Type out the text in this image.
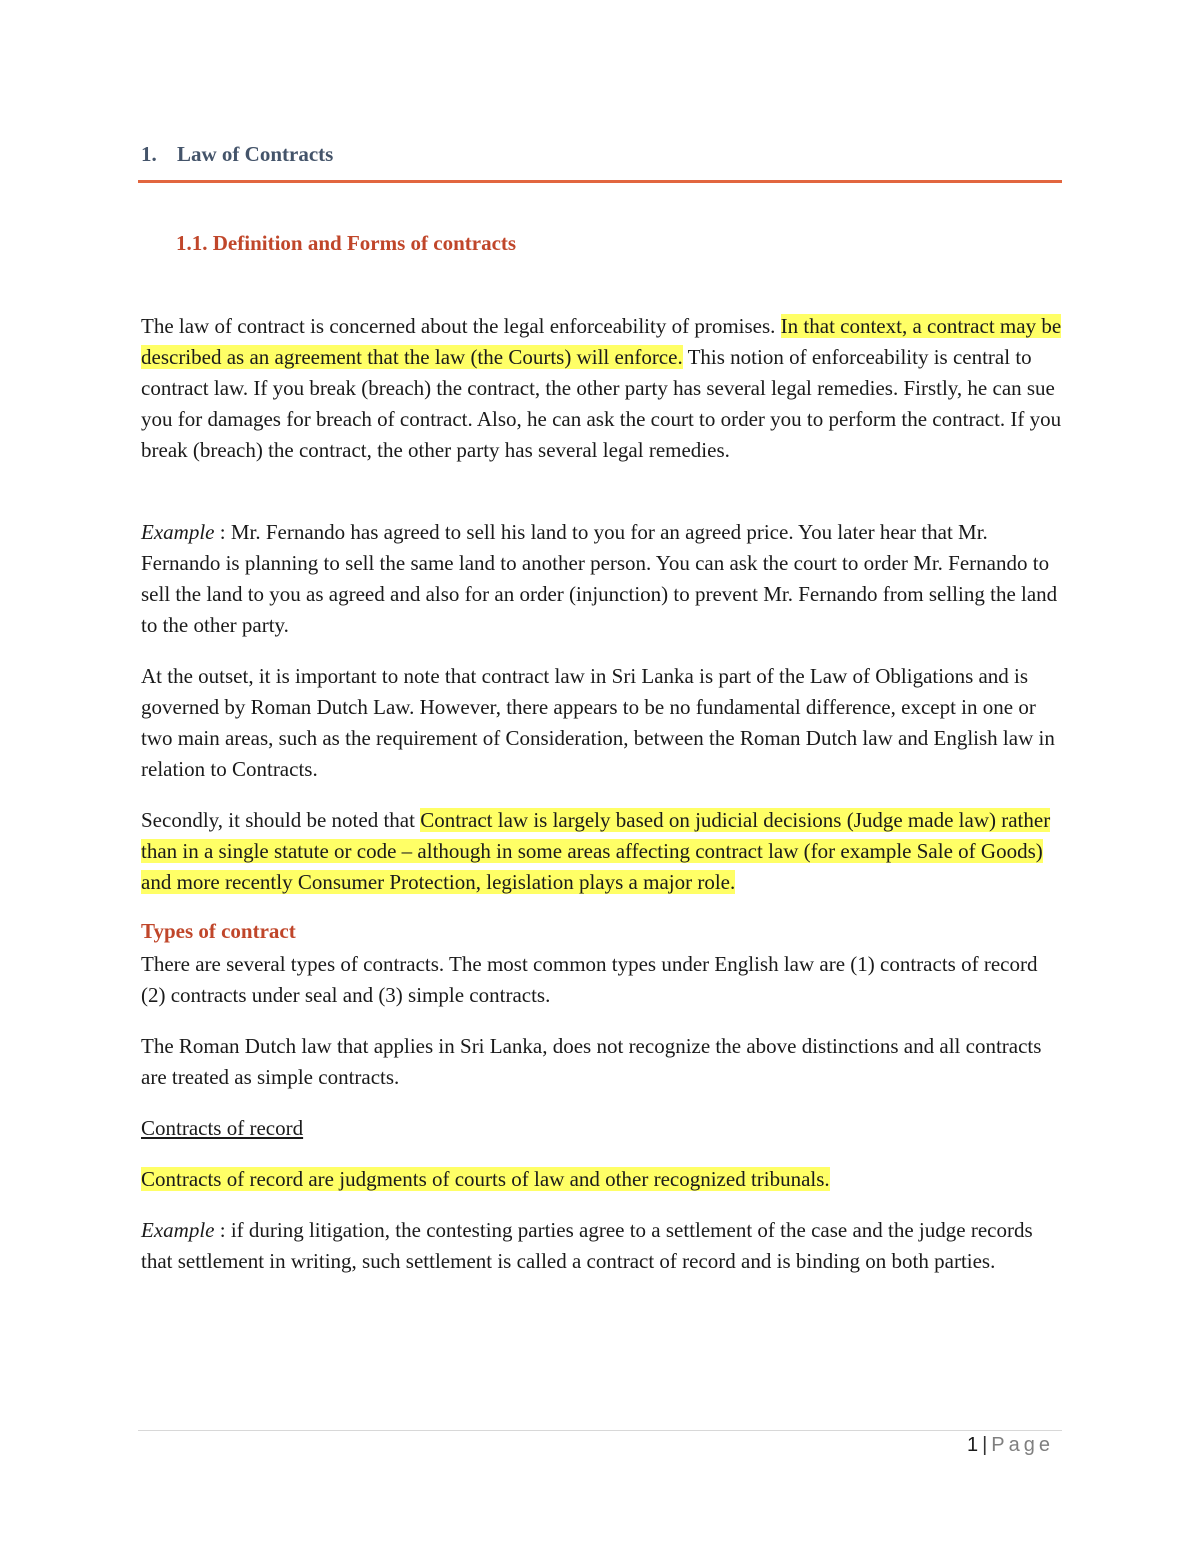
1. Law of Contracts
1.1. Definition and Forms of contracts

The law of contract is concerned about the legal enforceability of promises. In that context, a contract may be described as an agreement that the law (the Courts) will enforce. This notion of enforceability is central to contract law. If you break (breach) the contract, the other party has several legal remedies. Firstly, he can sue you for damages for breach of contract. Also, he can ask the court to order you to perform the contract. If you break (breach) the contract, the other party has several legal remedies.

Example : Mr. Fernando has agreed to sell his land to you for an agreed price. You later hear that Mr. Fernando is planning to sell the same land to another person. You can ask the court to order Mr. Fernando to sell the land to you as agreed and also for an order (injunction) to prevent Mr. Fernando from selling the land to the other party.

At the outset, it is important to note that contract law in Sri Lanka is part of the Law of Obligations and is governed by Roman Dutch Law. However, there appears to be no fundamental difference, except in one or two main areas, such as the requirement of Consideration, between the Roman Dutch law and English law in relation to Contracts.

Secondly, it should be noted that Contract law is largely based on judicial decisions (Judge made law) rather than in a single statute or code – although in some areas affecting contract law (for example Sale of Goods) and more recently Consumer Protection, legislation plays a major role.

Types of contract

There are several types of contracts. The most common types under English law are (1) contracts of record (2) contracts under seal and (3) simple contracts.

The Roman Dutch law that applies in Sri Lanka, does not recognize the above distinctions and all contracts are treated as simple contracts.

Contracts of record

Contracts of record are judgments of courts of law and other recognized tribunals.

Example : if during litigation, the contesting parties agree to a settlement of the case and the judge records that settlement in writing, such settlement is called a contract of record and is binding on both parties.

1 | Page
